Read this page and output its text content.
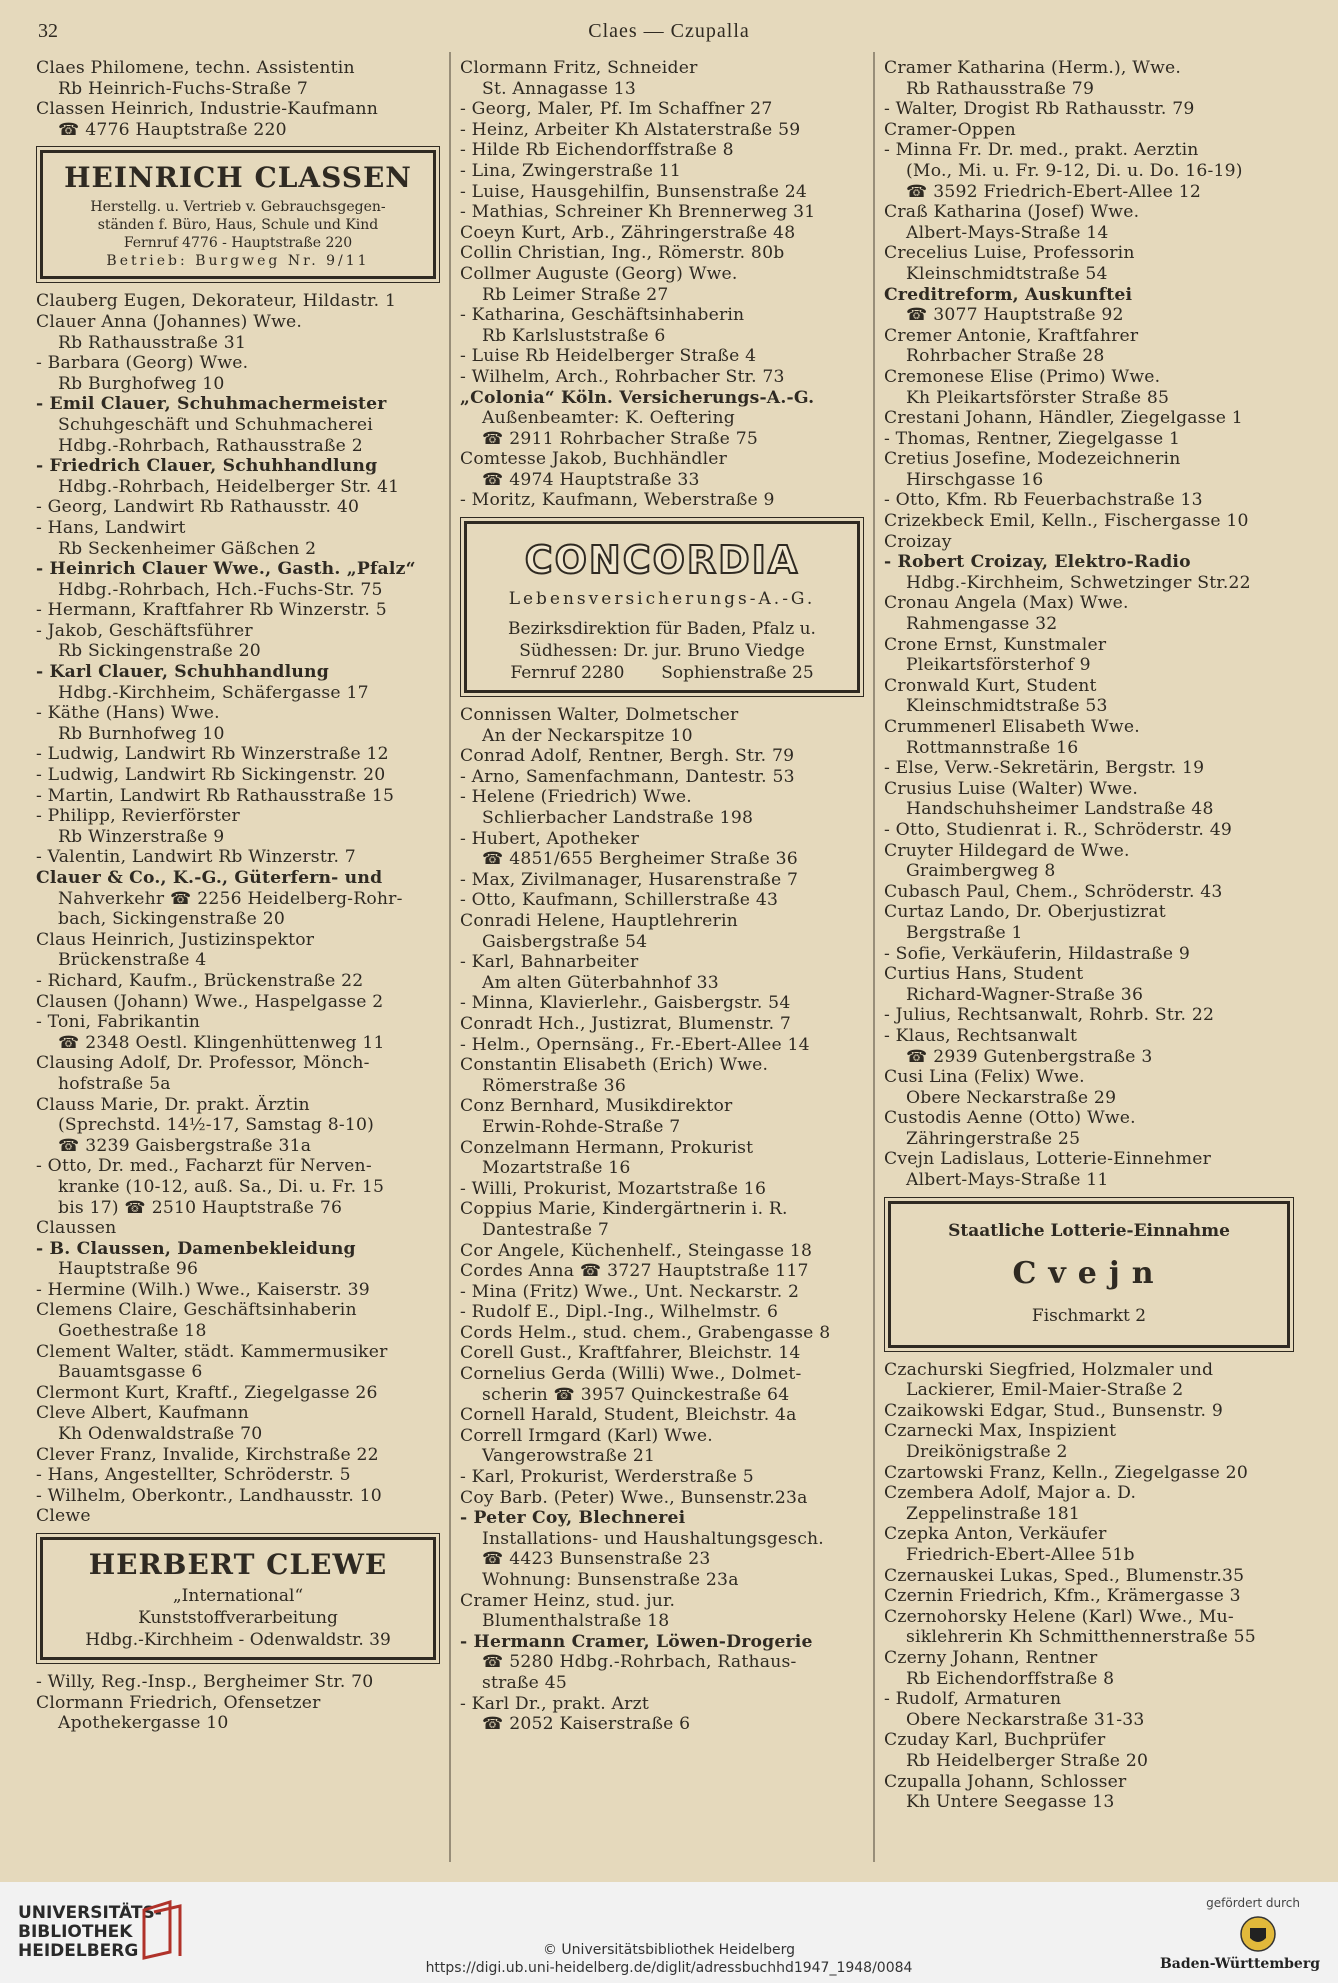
32	Claes — Czupalla
Claes Philomene, techn. Assistentin
Rb Heinrich-Fuchs-Straße 7
Classen Heinrich, Industrie-Kaufmann
☎ 4776 Hauptstraße 220
HEINRICH CLASSEN
Herstellg. u. Vertrieb v. Gebrauchsgegen-
ständen f. Büro, Haus, Schule und Kind
Fernruf 4776 - Hauptstraße 220
Betrieb: Burgweg Nr. 9/11
Clauberg Eugen, Dekorateur, Hildastr. 1
Clauer Anna (Johannes) Wwe.
Rb Rathausstraße 31
- Barbara (Georg) Wwe.
Rb Burghofweg 10
- Emil Clauer, Schuhmachermeister
Schuhgeschäft und Schuhmacherei
Hdbg.-Rohrbach, Rathausstraße 2
- Friedrich Clauer, Schuhhandlung
Hdbg.-Rohrbach, Heidelberger Str. 41
- Georg, Landwirt Rb Rathausstr. 40
- Hans, Landwirt
Rb Seckenheimer Gäßchen 2
- Heinrich Clauer Wwe., Gasth. „Pfalz“
Hdbg.-Rohrbach, Hch.-Fuchs-Str. 75
- Hermann, Kraftfahrer Rb Winzerstr. 5
- Jakob, Geschäftsführer
Rb Sickingenstraße 20
- Karl Clauer, Schuhhandlung
Hdbg.-Kirchheim, Schäfergasse 17
- Käthe (Hans) Wwe.
Rb Burnhofweg 10
- Ludwig, Landwirt Rb Winzerstraße 12
- Ludwig, Landwirt Rb Sickingenstr. 20
- Martin, Landwirt Rb Rathausstraße 15
- Philipp, Revierförster
Rb Winzerstraße 9
- Valentin, Landwirt Rb Winzerstr. 7
Clauer & Co., K.-G., Güterfern- und
Nahverkehr ☎ 2256 Heidelberg-Rohr-
bach, Sickingenstraße 20
Claus Heinrich, Justizinspektor
Brückenstraße 4
- Richard, Kaufm., Brückenstraße 22
Clausen (Johann) Wwe., Haspelgasse 2
- Toni, Fabrikantin
☎ 2348 Oestl. Klingenhüttenweg 11
Clausing Adolf, Dr. Professor, Mönch-
hofstraße 5a
Clauss Marie, Dr. prakt. Ärztin
(Sprechstd. 14½-17, Samstag 8-10)
☎ 3239 Gaisbergstraße 31a
- Otto, Dr. med., Facharzt für Nerven-
kranke (10-12, auß. Sa., Di. u. Fr. 15
bis 17) ☎ 2510 Hauptstraße 76
Claussen
- B. Claussen, Damenbekleidung
Hauptstraße 96
- Hermine (Wilh.) Wwe., Kaiserstr. 39
Clemens Claire, Geschäftsinhaberin
Goethestraße 18
Clement Walter, städt. Kammermusiker
Bauamtsgasse 6
Clermont Kurt, Kraftf., Ziegelgasse 26
Cleve Albert, Kaufmann
Kh Odenwaldstraße 70
Clever Franz, Invalide, Kirchstraße 22
- Hans, Angestellter, Schröderstr. 5
- Wilhelm, Oberkontr., Landhausstr. 10
Clewe
HERBERT CLEWE
„International“
Kunststoffverarbeitung
Hdbg.-Kirchheim - Odenwaldstr. 39
- Willy, Reg.-Insp., Bergheimer Str. 70
Clormann Friedrich, Ofensetzer
Apothekergasse 10
Clormann Fritz, Schneider
St. Annagasse 13
- Georg, Maler, Pf. Im Schaffner 27
- Heinz, Arbeiter Kh Alstaterstraße 59
- Hilde Rb Eichendorffstraße 8
- Lina, Zwingerstraße 11
- Luise, Hausgehilfin, Bunsenstraße 24
- Mathias, Schreiner Kh Brennerweg 31
Coeyn Kurt, Arb., Zähringerstraße 48
Collin Christian, Ing., Römerstr. 80b
Collmer Auguste (Georg) Wwe.
Rb Leimer Straße 27
- Katharina, Geschäftsinhaberin
Rb Karlsluststraße 6
- Luise Rb Heidelberger Straße 4
- Wilhelm, Arch., Rohrbacher Str. 73
„Colonia“ Köln. Versicherungs-A.-G.
Außenbeamter: K. Oeftering
☎ 2911 Rohrbacher Straße 75
Comtesse Jakob, Buchhändler
☎ 4974 Hauptstraße 33
- Moritz, Kaufmann, Weberstraße 9
CONCORDIA
Lebensversicherungs-A.-G.
Bezirksdirektion für Baden, Pfalz u.
Südhessen: Dr. jur. Bruno Viedge
Fernruf 2280 Sophienstraße 25
Connissen Walter, Dolmetscher
An der Neckarspitze 10
Conrad Adolf, Rentner, Bergh. Str. 79
- Arno, Samenfachmann, Dantestr. 53
- Helene (Friedrich) Wwe.
Schlierbacher Landstraße 198
- Hubert, Apotheker
☎ 4851/655 Bergheimer Straße 36
- Max, Zivilmanager, Husarenstraße 7
- Otto, Kaufmann, Schillerstraße 43
Conradi Helene, Hauptlehrerin
Gaisbergstraße 54
- Karl, Bahnarbeiter
Am alten Güterbahnhof 33
- Minna, Klavierlehr., Gaisbergstr. 54
Conradt Hch., Justizrat, Blumenstr. 7
- Helm., Opernsäng., Fr.-Ebert-Allee 14
Constantin Elisabeth (Erich) Wwe.
Römerstraße 36
Conz Bernhard, Musikdirektor
Erwin-Rohde-Straße 7
Conzelmann Hermann, Prokurist
Mozartstraße 16
- Willi, Prokurist, Mozartstraße 16
Coppius Marie, Kindergärtnerin i. R.
Dantestraße 7
Cor Angele, Küchenhelf., Steingasse 18
Cordes Anna ☎ 3727 Hauptstraße 117
- Mina (Fritz) Wwe., Unt. Neckarstr. 2
- Rudolf E., Dipl.-Ing., Wilhelmstr. 6
Cords Helm., stud. chem., Grabengasse 8
Corell Gust., Kraftfahrer, Bleichstr. 14
Cornelius Gerda (Willi) Wwe., Dolmet-
scherin ☎ 3957 Quinckestraße 64
Cornell Harald, Student, Bleichstr. 4a
Correll Irmgard (Karl) Wwe.
Vangerowstraße 21
- Karl, Prokurist, Werderstraße 5
Coy Barb. (Peter) Wwe., Bunsenstr.23a
- Peter Coy, Blechnerei
Installations- und Haushaltungsgesch.
☎ 4423 Bunsenstraße 23
Wohnung: Bunsenstraße 23a
Cramer Heinz, stud. jur.
Blumenthalstraße 18
- Hermann Cramer, Löwen-Drogerie
☎ 5280 Hdbg.-Rohrbach, Rathaus-
straße 45
- Karl Dr., prakt. Arzt
☎ 2052 Kaiserstraße 6
Cramer Katharina (Herm.), Wwe.
Rb Rathausstraße 79
- Walter, Drogist Rb Rathausstr. 79
Cramer-Oppen
- Minna Fr. Dr. med., prakt. Aerztin
(Mo., Mi. u. Fr. 9-12, Di. u. Do. 16-19)
☎ 3592 Friedrich-Ebert-Allee 12
Craß Katharina (Josef) Wwe.
Albert-Mays-Straße 14
Crecelius Luise, Professorin
Kleinschmidtstraße 54
Creditreform, Auskunftei
☎ 3077 Hauptstraße 92
Cremer Antonie, Kraftfahrer
Rohrbacher Straße 28
Cremonese Elise (Primo) Wwe.
Kh Pleikartsförster Straße 85
Crestani Johann, Händler, Ziegelgasse 1
- Thomas, Rentner, Ziegelgasse 1
Cretius Josefine, Modezeichnerin
Hirschgasse 16
- Otto, Kfm. Rb Feuerbachstraße 13
Crizekbeck Emil, Kelln., Fischergasse 10
Croizay
- Robert Croizay, Elektro-Radio
Hdbg.-Kirchheim, Schwetzinger Str.22
Cronau Angela (Max) Wwe.
Rahmengasse 32
Crone Ernst, Kunstmaler
Pleikartsförsterhof 9
Cronwald Kurt, Student
Kleinschmidtstraße 53
Crummenerl Elisabeth Wwe.
Rottmannstraße 16
- Else, Verw.-Sekretärin, Bergstr. 19
Crusius Luise (Walter) Wwe.
Handschuhsheimer Landstraße 48
- Otto, Studienrat i. R., Schröderstr. 49
Cruyter Hildegard de Wwe.
Graimbergweg 8
Cubasch Paul, Chem., Schröderstr. 43
Curtaz Lando, Dr. Oberjustizrat
Bergstraße 1
- Sofie, Verkäuferin, Hildastraße 9
Curtius Hans, Student
Richard-Wagner-Straße 36
- Julius, Rechtsanwalt, Rohrb. Str. 22
- Klaus, Rechtsanwalt
☎ 2939 Gutenbergstraße 3
Cusi Lina (Felix) Wwe.
Obere Neckarstraße 29
Custodis Aenne (Otto) Wwe.
Zähringerstraße 25
Cvejn Ladislaus, Lotterie-Einnehmer
Albert-Mays-Straße 11
Staatliche Lotterie-Einnahme
Cvejn
Fischmarkt 2
Czachurski Siegfried, Holzmaler und
Lackierer, Emil-Maier-Straße 2
Czaikowski Edgar, Stud., Bunsenstr. 9
Czarnecki Max, Inspizient
Dreikönigstraße 2
Czartowski Franz, Kelln., Ziegelgasse 20
Czembera Adolf, Major a. D.
Zeppelinstraße 181
Czepka Anton, Verkäufer
Friedrich-Ebert-Allee 51b
Czernauskei Lukas, Sped., Blumenstr.35
Czernin Friedrich, Kfm., Krämergasse 3
Czernohorsky Helene (Karl) Wwe., Mu-
siklehrerin Kh Schmitthennerstraße 55
Czerny Johann, Rentner
Rb Eichendorffstraße 8
- Rudolf, Armaturen
Obere Neckarstraße 31-33
Czuday Karl, Buchprüfer
Rb Heidelberger Straße 20
Czupalla Johann, Schlosser
Kh Untere Seegasse 13
UNIVERSITÄTS-
BIBLIOTHEK
HEIDELBERG	© Universitätsbibliothek Heidelberg
https://digi.ub.uni-heidelberg.de/diglit/adressbuchhd1947_1948/0084
gefördert durch
Baden-Württemberg
